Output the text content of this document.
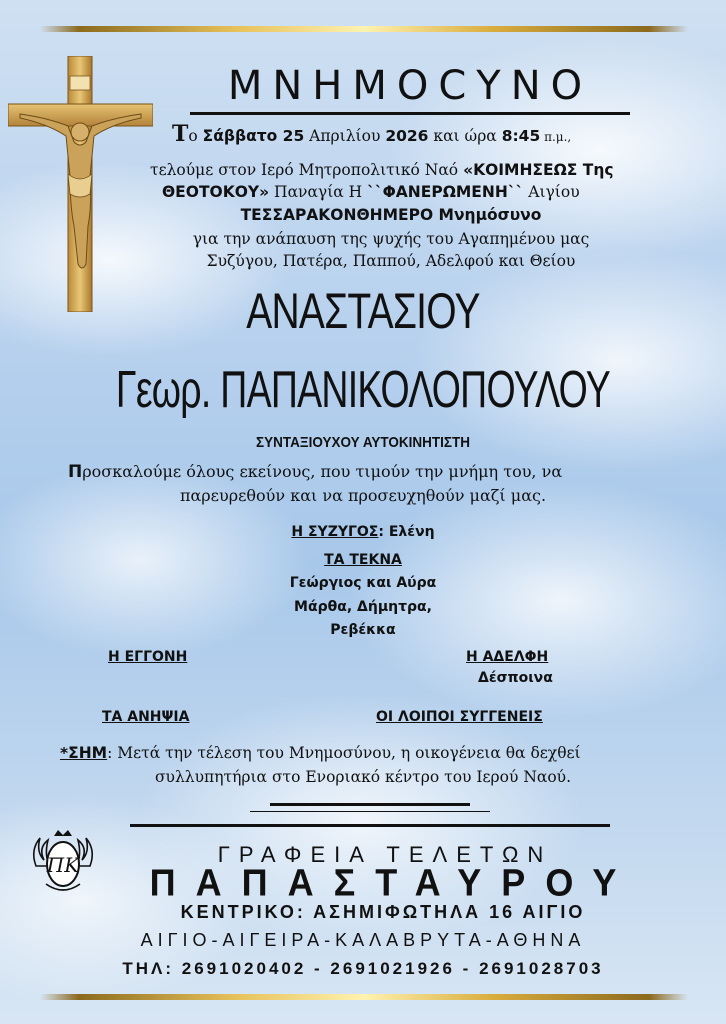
ΜΝΗΜΟCΥΝΟ
Το Σάββατο 25 Απριλίου 2026 και ώρα 8:45 π.μ.,
τελούμε στον Ιερό Μητροπολιτικό Ναό «ΚΟΙΜΗΣΕΩΣ Της
ΘΕΟΤΟΚΟΥ» Παναγία Η ``ΦΑΝΕΡΩΜΕΝΗ`` Αιγίου
ΤΕΣΣΑΡΑΚΟΝΘΗΜΕΡΟ Μνημόσυνο
για την ανάπαυση της ψυχής του Αγαπημένου μας
Συζύγου, Πατέρα, Παππού, Αδελφού και Θείου
ΑΝΑΣΤΑΣΙΟΥ
Γεωρ. ΠΑΠΑΝΙΚΟΛΟΠΟΥΛΟΥ
ΣΥΝΤΑΞΙΟΥΧΟΥ ΑΥΤΟΚΙΝΗΤΙΣΤΗ
Προσκαλούμε όλους εκείνους, που τιμούν την μνήμη του, να
παρευρεθούν και να προσευχηθούν μαζί μας.
Η ΣΥΖΥΓΟΣ: Ελένη
ΤΑ ΤΕΚΝΑ
Γεώργιος και Αύρα
Μάρθα, Δήμητρα,
Ρεβέκκα
Η ΕΓΓΟΝΗ	Η ΑΔΕΛΦΗ
Δέσποινα
ΤΑ ΑΝΗΨΙΑ	ΟΙ ΛΟΙΠΟΙ ΣΥΓΓΕΝΕΙΣ
*ΣΗΜ: Μετά την τέλεση του Μνημοσύνου, η οικογένεια θα δεχθεί
συλλυπητήρια στο Ενοριακό κέντρο του Ιερού Ναού.
ΠΚ	ΓΡΑΦΕΙΑ ΤΕΛΕΤΩΝ
ΠΑΠΑΣΤΑΥΡΟΥ
ΚΕΝΤΡΙΚΟ: ΑΣΗΜΙΦΩΤΗΛΑ 16 ΑΙΓΙΟ
ΑΙΓΙΟ-ΑΙΓΕΙΡΑ-ΚΑΛΑΒΡΥΤΑ-ΑΘΗΝΑ
ΤΗΛ: 2691020402 - 2691021926 - 2691028703
